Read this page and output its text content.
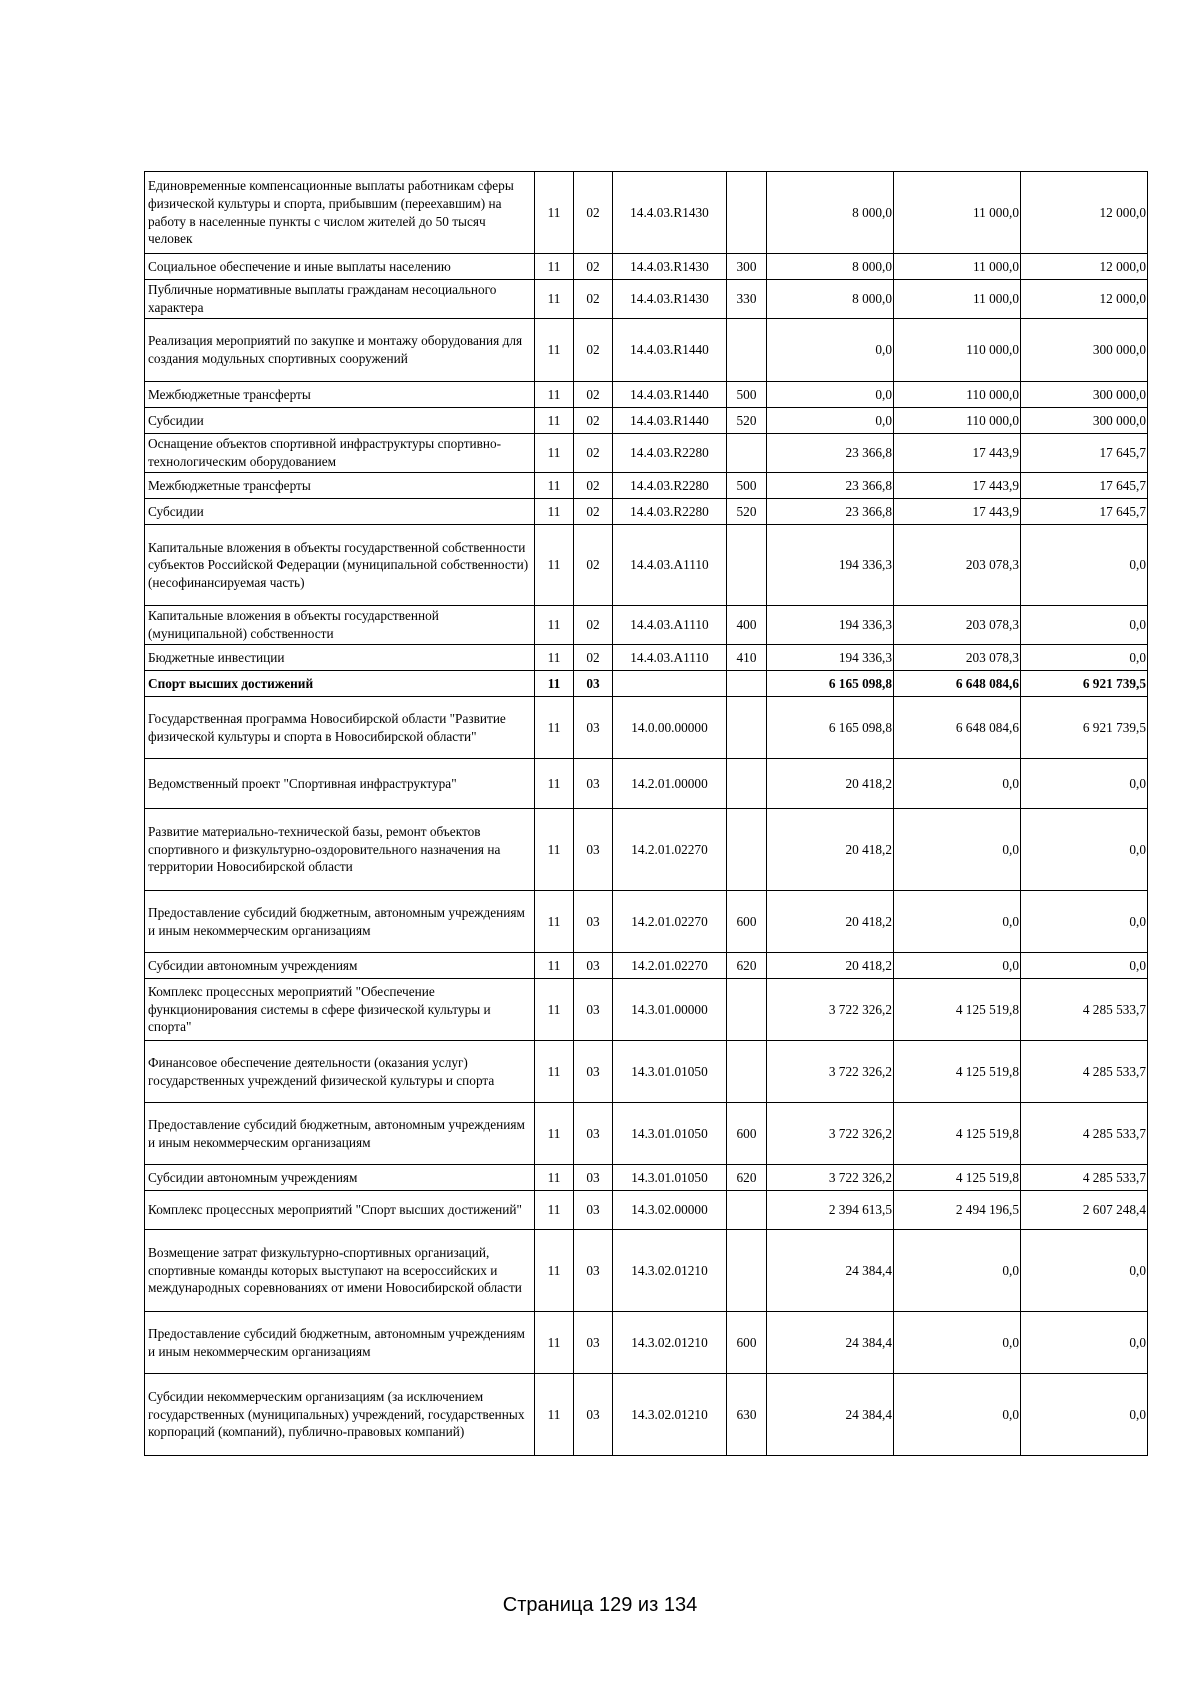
Единовременные компенсационные выплаты работникам сферы физической культуры и спорта, прибывшим (переехавшим) на работу в населенные пункты с числом жителей до 50 тысяч человек	11	02	14.4.03.R1430		8 000,0	11 000,0	12 000,0
Социальное обеспечение и иные выплаты населению	11	02	14.4.03.R1430	300	8 000,0	11 000,0	12 000,0
Публичные нормативные выплаты гражданам несоциального характера	11	02	14.4.03.R1430	330	8 000,0	11 000,0	12 000,0
Реализация мероприятий по закупке и монтажу оборудования для создания модульных спортивных сооружений	11	02	14.4.03.R1440		0,0	110 000,0	300 000,0
Межбюджетные трансферты	11	02	14.4.03.R1440	500	0,0	110 000,0	300 000,0
Субсидии	11	02	14.4.03.R1440	520	0,0	110 000,0	300 000,0
Оснащение объектов спортивной инфраструктуры спортивно-технологическим оборудованием	11	02	14.4.03.R2280		23 366,8	17 443,9	17 645,7
Межбюджетные трансферты	11	02	14.4.03.R2280	500	23 366,8	17 443,9	17 645,7
Субсидии	11	02	14.4.03.R2280	520	23 366,8	17 443,9	17 645,7
Капитальные вложения в объекты государственной собственности субъектов Российской Федерации (муниципальной собственности) (несофинансируемая часть)	11	02	14.4.03.A1110		194 336,3	203 078,3	0,0
Капитальные вложения в объекты государственной (муниципальной) собственности	11	02	14.4.03.A1110	400	194 336,3	203 078,3	0,0
Бюджетные инвестиции	11	02	14.4.03.A1110	410	194 336,3	203 078,3	0,0
Спорт высших достижений	11	03			6 165 098,8	6 648 084,6	6 921 739,5
Государственная программа Новосибирской области "Развитие физической культуры и спорта в Новосибирской области"	11	03	14.0.00.00000		6 165 098,8	6 648 084,6	6 921 739,5
Ведомственный проект "Спортивная инфраструктура"	11	03	14.2.01.00000		20 418,2	0,0	0,0
Развитие материально-технической базы, ремонт объектов спортивного и физкультурно-оздоровительного назначения на территории Новосибирской области	11	03	14.2.01.02270		20 418,2	0,0	0,0
Предоставление субсидий бюджетным, автономным учреждениям и иным некоммерческим организациям	11	03	14.2.01.02270	600	20 418,2	0,0	0,0
Субсидии автономным учреждениям	11	03	14.2.01.02270	620	20 418,2	0,0	0,0
Комплекс процессных мероприятий "Обеспечение функционирования системы в сфере физической культуры и спорта"	11	03	14.3.01.00000		3 722 326,2	4 125 519,8	4 285 533,7
Финансовое обеспечение деятельности (оказания услуг) государственных учреждений физической культуры и спорта	11	03	14.3.01.01050		3 722 326,2	4 125 519,8	4 285 533,7
Предоставление субсидий бюджетным, автономным учреждениям и иным некоммерческим организациям	11	03	14.3.01.01050	600	3 722 326,2	4 125 519,8	4 285 533,7
Субсидии автономным учреждениям	11	03	14.3.01.01050	620	3 722 326,2	4 125 519,8	4 285 533,7
Комплекс процессных мероприятий "Спорт высших достижений"	11	03	14.3.02.00000		2 394 613,5	2 494 196,5	2 607 248,4
Возмещение затрат физкультурно-спортивных организаций, спортивные команды которых выступают на всероссийских и международных соревнованиях от имени Новосибирской области	11	03	14.3.02.01210		24 384,4	0,0	0,0
Предоставление субсидий бюджетным, автономным учреждениям и иным некоммерческим организациям	11	03	14.3.02.01210	600	24 384,4	0,0	0,0
Субсидии некоммерческим организациям (за исключением государственных (муниципальных) учреждений, государственных корпораций (компаний), публично-правовых компаний)	11	03	14.3.02.01210	630	24 384,4	0,0	0,0
Страница 129 из 134
